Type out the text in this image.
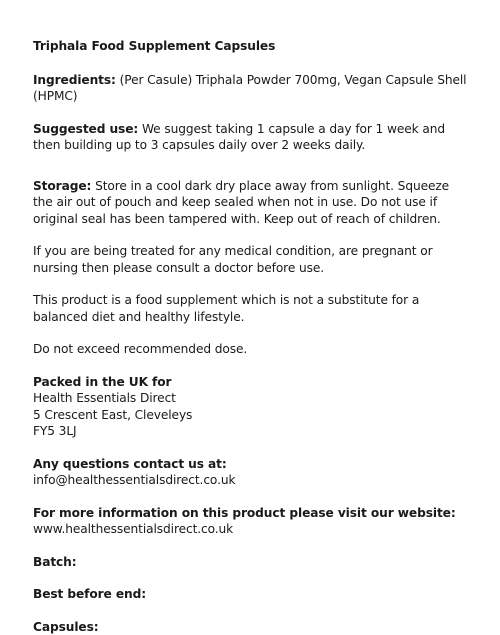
Triphala Food Supplement Capsules

Ingredients: (Per Casule) Triphala Powder 700mg, Vegan Capsule Shell (HPMC)

Suggested use: We suggest taking 1 capsule a day for 1 week and then building up to 3 capsules daily over 2 weeks daily.

Storage: Store in a cool dark dry place away from sunlight. Squeeze the air out of pouch and keep sealed when not in use. Do not use if original seal has been tampered with. Keep out of reach of children.

If you are being treated for any medical condition, are pregnant or nursing then please consult a doctor before use.

This product is a food supplement which is not a substitute for a balanced diet and healthy lifestyle.

Do not exceed recommended dose.

Packed in the UK for
Health Essentials Direct
5 Crescent East, Cleveleys
FY5 3LJ

Any questions contact us at:
info@healthessentialsdirect.co.uk

For more information on this product please visit our website:
www.healthessentialsdirect.co.uk

Batch:

Best before end:

Capsules:
